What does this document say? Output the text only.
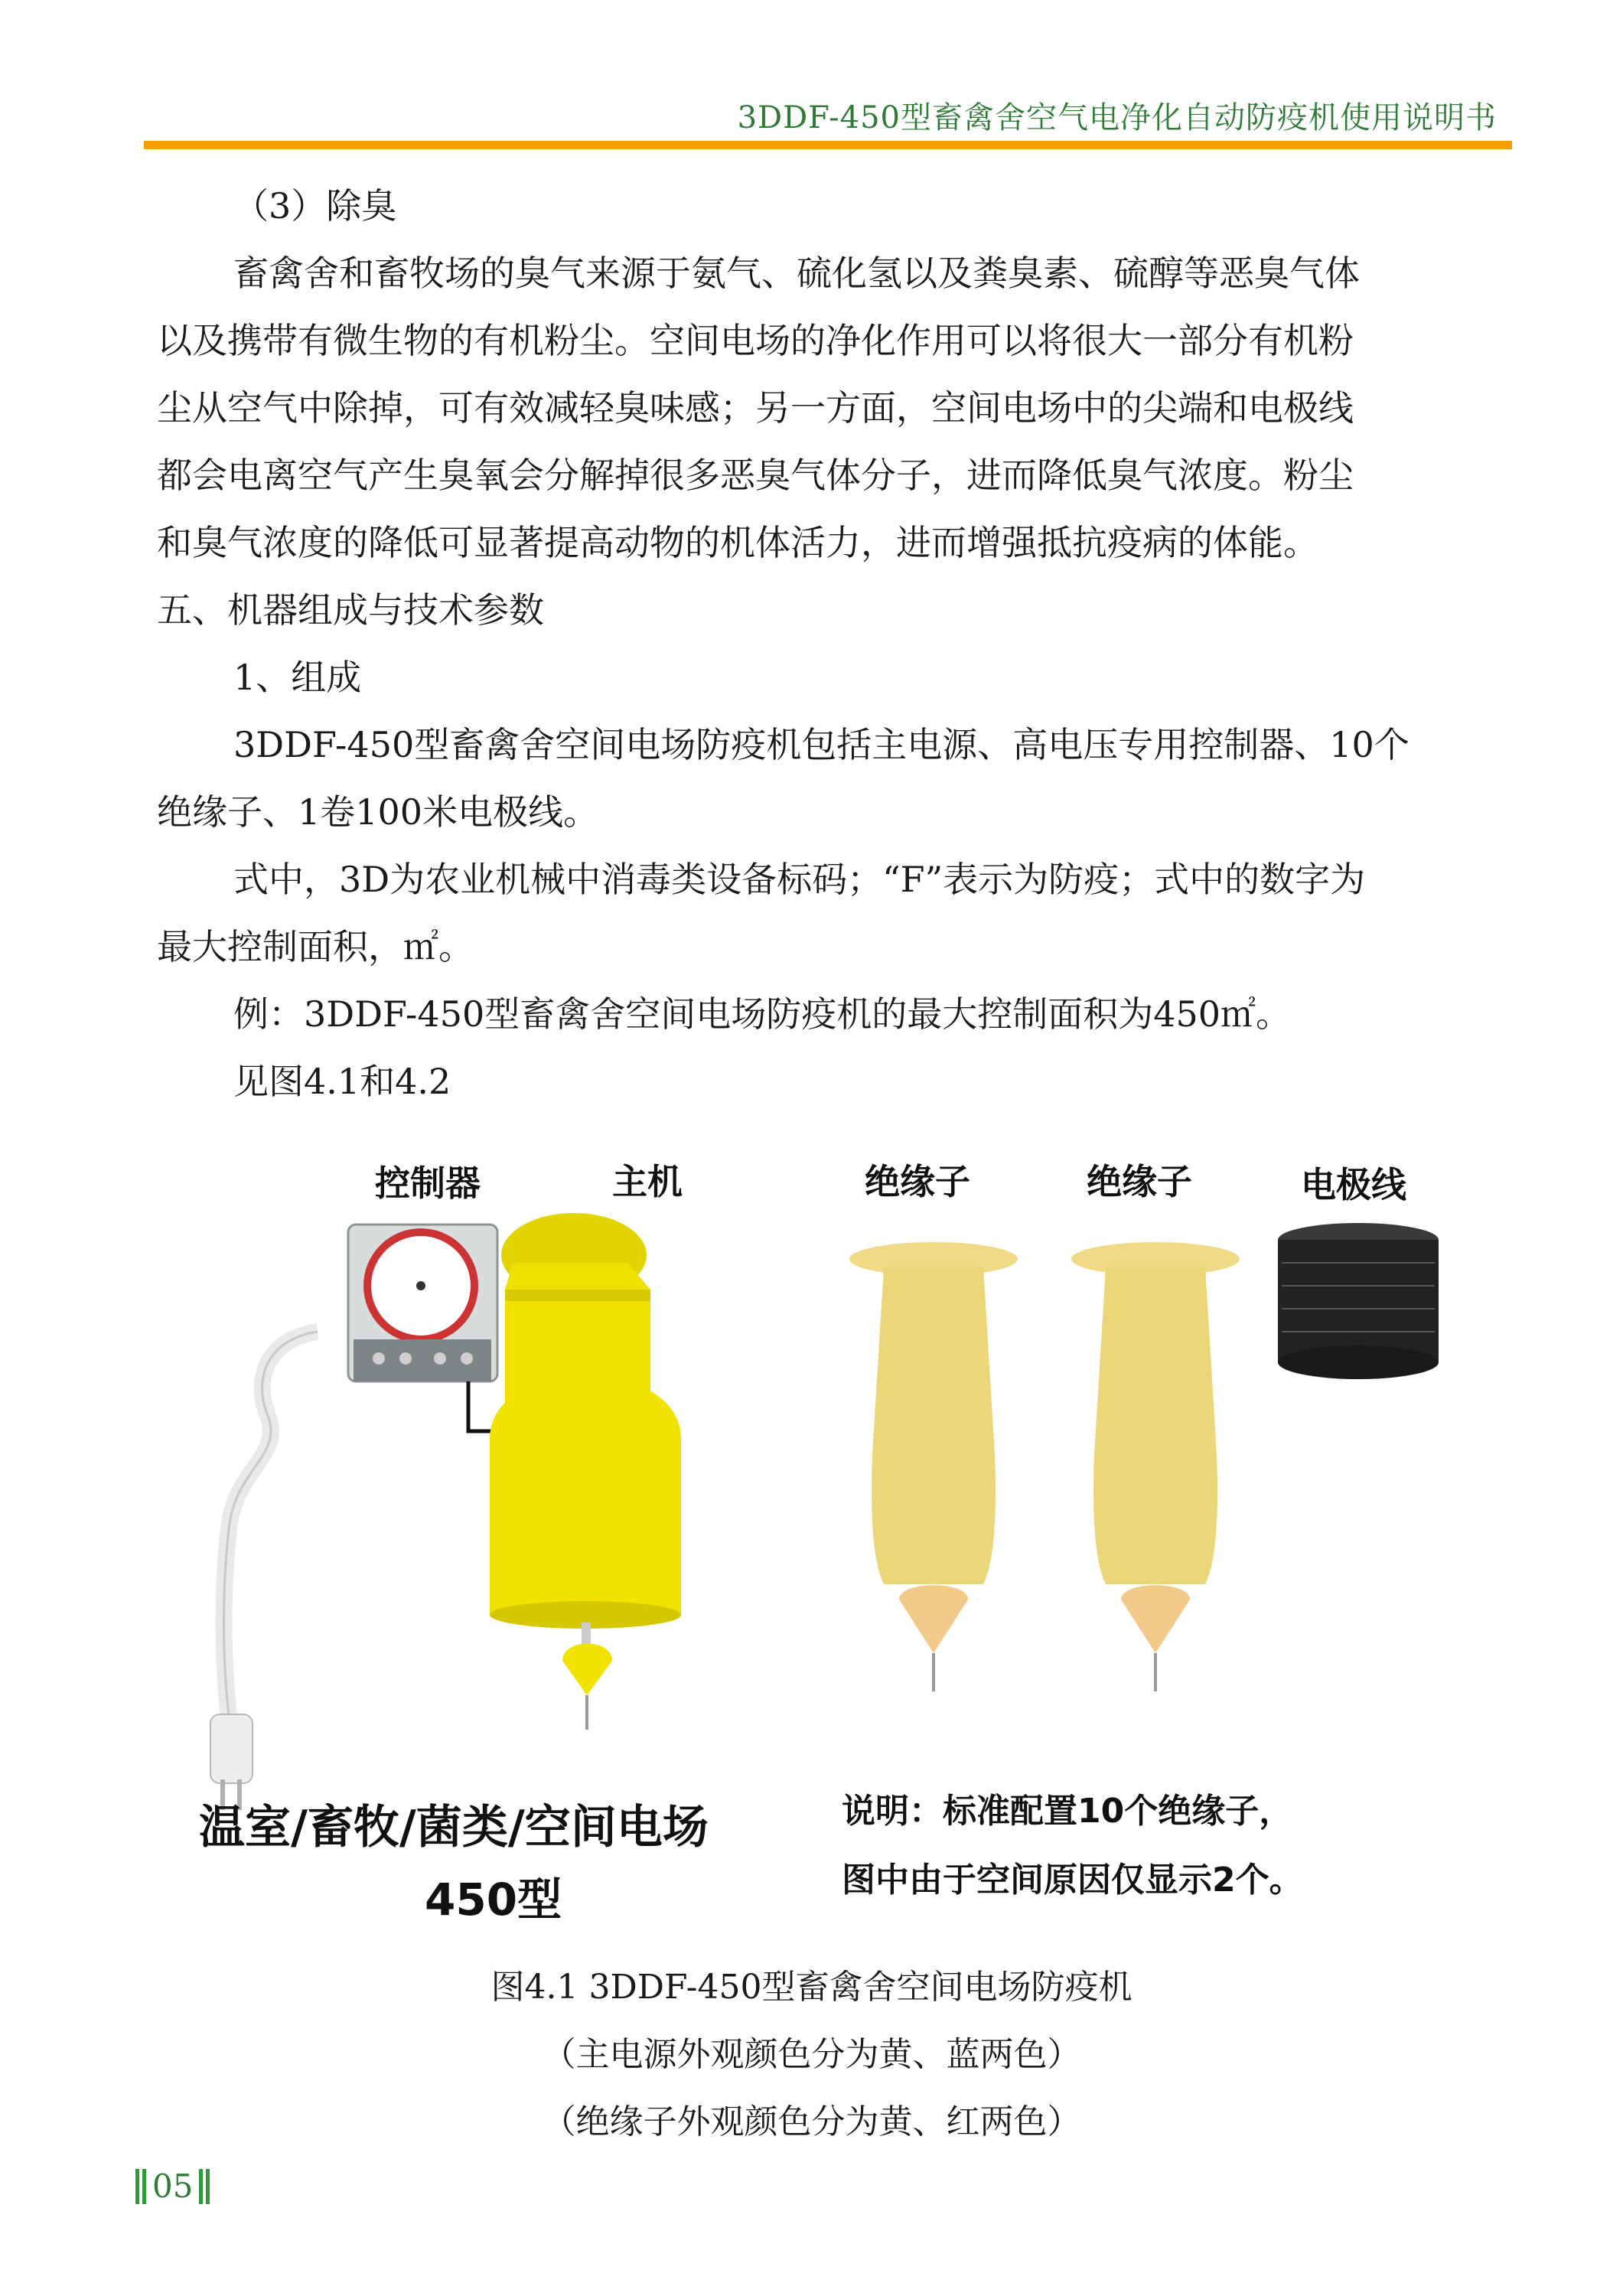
3DDF-450型畜禽舍空气电净化自动防疫机使用说明书

（3）除臭

畜禽舍和畜牧场的臭气来源于氨气、硫化氢以及粪臭素、硫醇等恶臭气体

以及携带有微生物的有机粉尘。空间电场的净化作用可以将很大一部分有机粉

尘从空气中除掉，可有效减轻臭味感；另一方面，空间电场中的尖端和电极线

都会电离空气产生臭氧会分解掉很多恶臭气体分子，进而降低臭气浓度。粉尘

和臭气浓度的降低可显著提高动物的机体活力，进而增强抵抗疫病的体能。

五、机器组成与技术参数

1、组成

3DDF-450型畜禽舍空间电场防疫机包括主电源、高电压专用控制器、10个

绝缘子、1卷100米电极线。

式中，3D为农业机械中消毒类设备标码；“F”表示为防疫；式中的数字为

最大控制面积，㎡。

例：3DDF-450型畜禽舍空间电场防疫机的最大控制面积为450㎡。

见图4.1和4.2

控制器	主机	绝缘子	绝缘子	电极线
温室/畜牧/菌类/空间电场
450型
说明：标准配置10个绝缘子，
图中由于空间原因仅显示2个。
图4.1 3DDF-450型畜禽舍空间电场防疫机
（主电源外观颜色分为黄、蓝两色）
（绝缘子外观颜色分为黄、红两色）
05
